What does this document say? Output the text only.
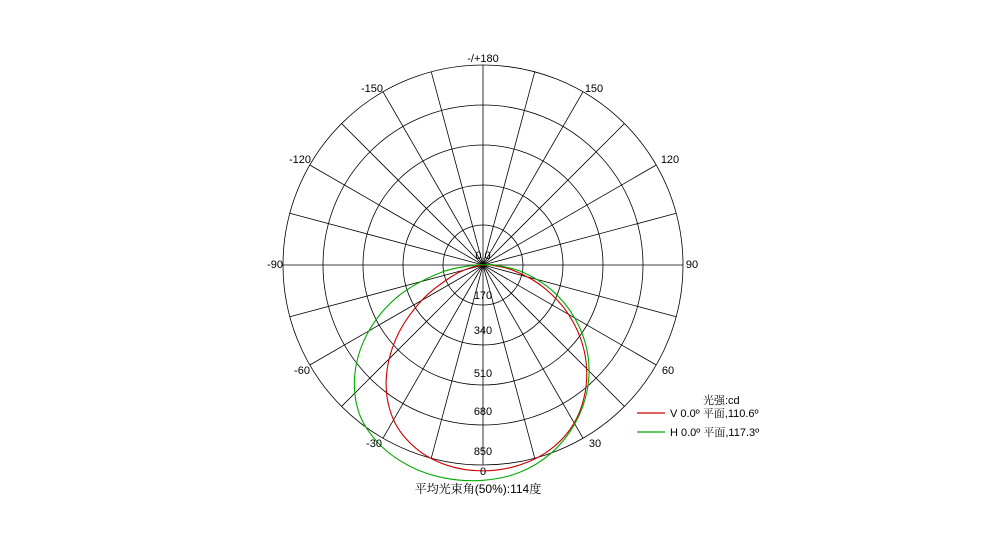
-/+180
150
120
90
60
30
0
-30
-60
-90
-120
-150
0.0
170
340
510
680
850
平均光束角(50%):114度
光强:cd
V 0.0º 平面,110.6º
H 0.0º 平面,117.3º
